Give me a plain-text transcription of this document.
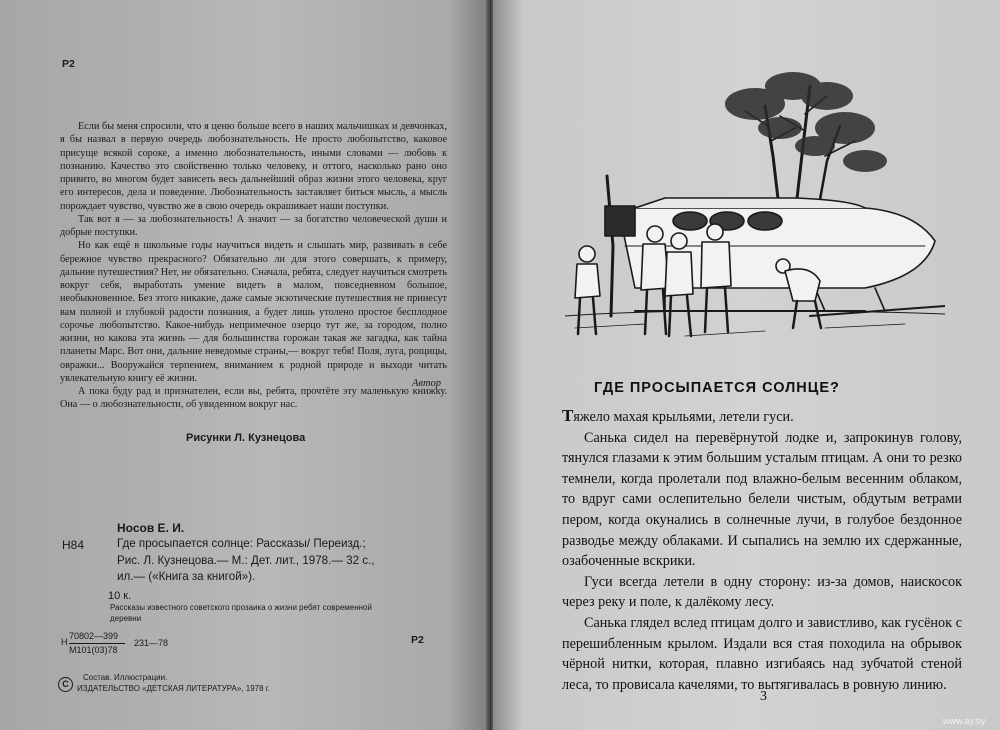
Р2

Если бы меня спросили, что я ценю больше всего в наших мальчишках и девчонках, я бы назвал в первую очередь любознательность. Не просто любопытство, каковое присуще всякой сороке, а именно любознательность, иными словами — любовь к познанию. Качество это свойственно только человеку, и оттого, насколько рано оно привито, во многом будет зависеть весь дальнейший образ жизни этого человека, круг его интересов, дела и поведение. Любознательность заставляет биться мысль, а мысль порождает чувство, чувство же в свою очередь окрашивает наши поступки.

Так вот я — за любознательность! А значит — за богатство человеческой души и добрые поступки.

Но как ещё в школьные годы научиться видеть и слышать мир, развивать в себе бережное чувство прекрасного? Обязательно ли для этого совершать, к примеру, дальние путешествия? Нет, не обязательно. Сначала, ребята, следует научиться смотреть вокруг себя, выработать умение видеть в малом, повседневном большое, необыкновенное. Без этого никакие, даже самые экзотические путешествия не принесут вам полной и глубокой радости познания, а будет лишь утолено простое бесплодное сорочье любопытство. Какое-нибудь непримечное озерцо тут же, за городом, полно жизни, но какова эта жизнь — для большинства горожан такая же загадка, как тайна планеты Марс. Вот они, дальние неведомые страны,— вокруг тебя! Поля, луга, рощицы, овражки... Вооружайся терпением, вниманием к родной природе и выходи читать увлекательную книгу её жизни.

А пока буду рад и признателен, если вы, ребята, прочтёте эту маленькую книжку. Она — о любознательности, об увиденном вокруг нас.

Автор
Рисунки Л. Кузнецова
Носов Е. И.
Н84	Где просыпается солнце: Рассказы/ Переизд.;
Рис. Л. Кузнецова.— М.: Дет. лит., 1978.— 32 с.,
ил.— («Книга за книгой»).
10 к.
Рассказы известного советского прозаика о жизни ребят современной
деревни
Н
70802—399
М101(03)78
231—78	Р2
С
Состав. Иллюстрации.
ИЗДАТЕЛЬСТВО «ДЕТСКАЯ ЛИТЕРАТУРА», 1978 г.
ГДЕ ПРОСЫПАЕТСЯ СОЛНЦЕ?

Тяжело махая крыльями, летели гуси.

Санька сидел на перевёрнутой лодке и, запрокинув голову, тянулся глазами к этим большим усталым птицам. А они то резко темнели, когда пролетали под влажно-белым весенним облаком, то вдруг сами ослепительно белели чистым, обдутым ветрами пером, когда окунались в солнечные лучи, в голубое бездонное разводье между облаками. И сыпались на землю их сдержанные, озабоченные вскрики.

Гуси всегда летели в одну сторону: из-за домов, наискосок через реку и поле, к далёкому лесу.

Санька глядел вслед птицам долго и завистливо, как гусёнок с перешибленным крылом. Издали вся стая походила на обрывок чёрной нитки, которая, плавно изгибаясь над зубчатой стеной леса, то провисала качелями, то вытягивалась в ровную линию.

3
www.ay.by
